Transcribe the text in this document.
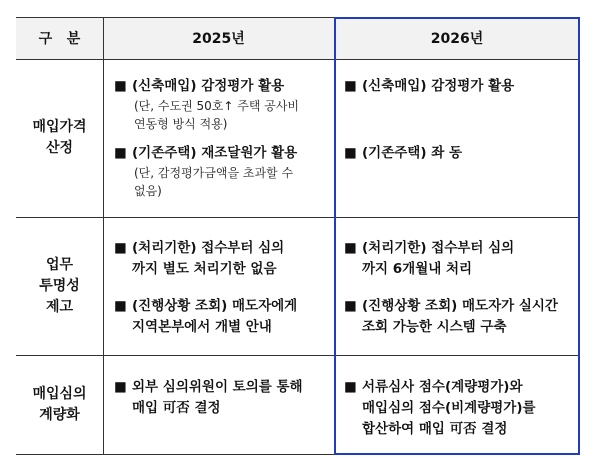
구   분	2025년	2026년
매입가격
산정
업무
투명성
제고
매입심의
계량화
■ (신축매입) 감정평가 활용
(단, 수도권 50호↑ 주택 공사비
연동형 방식 적용)
■ (기존주택) 재조달원가 활용
(단, 감정평가금액을 초과할 수
없음)
■ (신축매입) 감정평가 활용
■ (기존주택) 좌 동
■ (처리기한) 접수부터 심의
까지 별도 처리기한 없음
■ (진행상황 조회) 매도자에게
지역본부에서 개별 안내
■ (처리기한) 접수부터 심의
까지 6개월내 처리
■ (진행상황 조회) 매도자가 실시간
조회 가능한 시스템 구축
■ 외부 심의위원이 토의를 통해
매입 可否 결정
■ 서류심사 점수(계량평가)와
매입심의 점수(비계량평가)를
합산하여 매입 可否 결정
